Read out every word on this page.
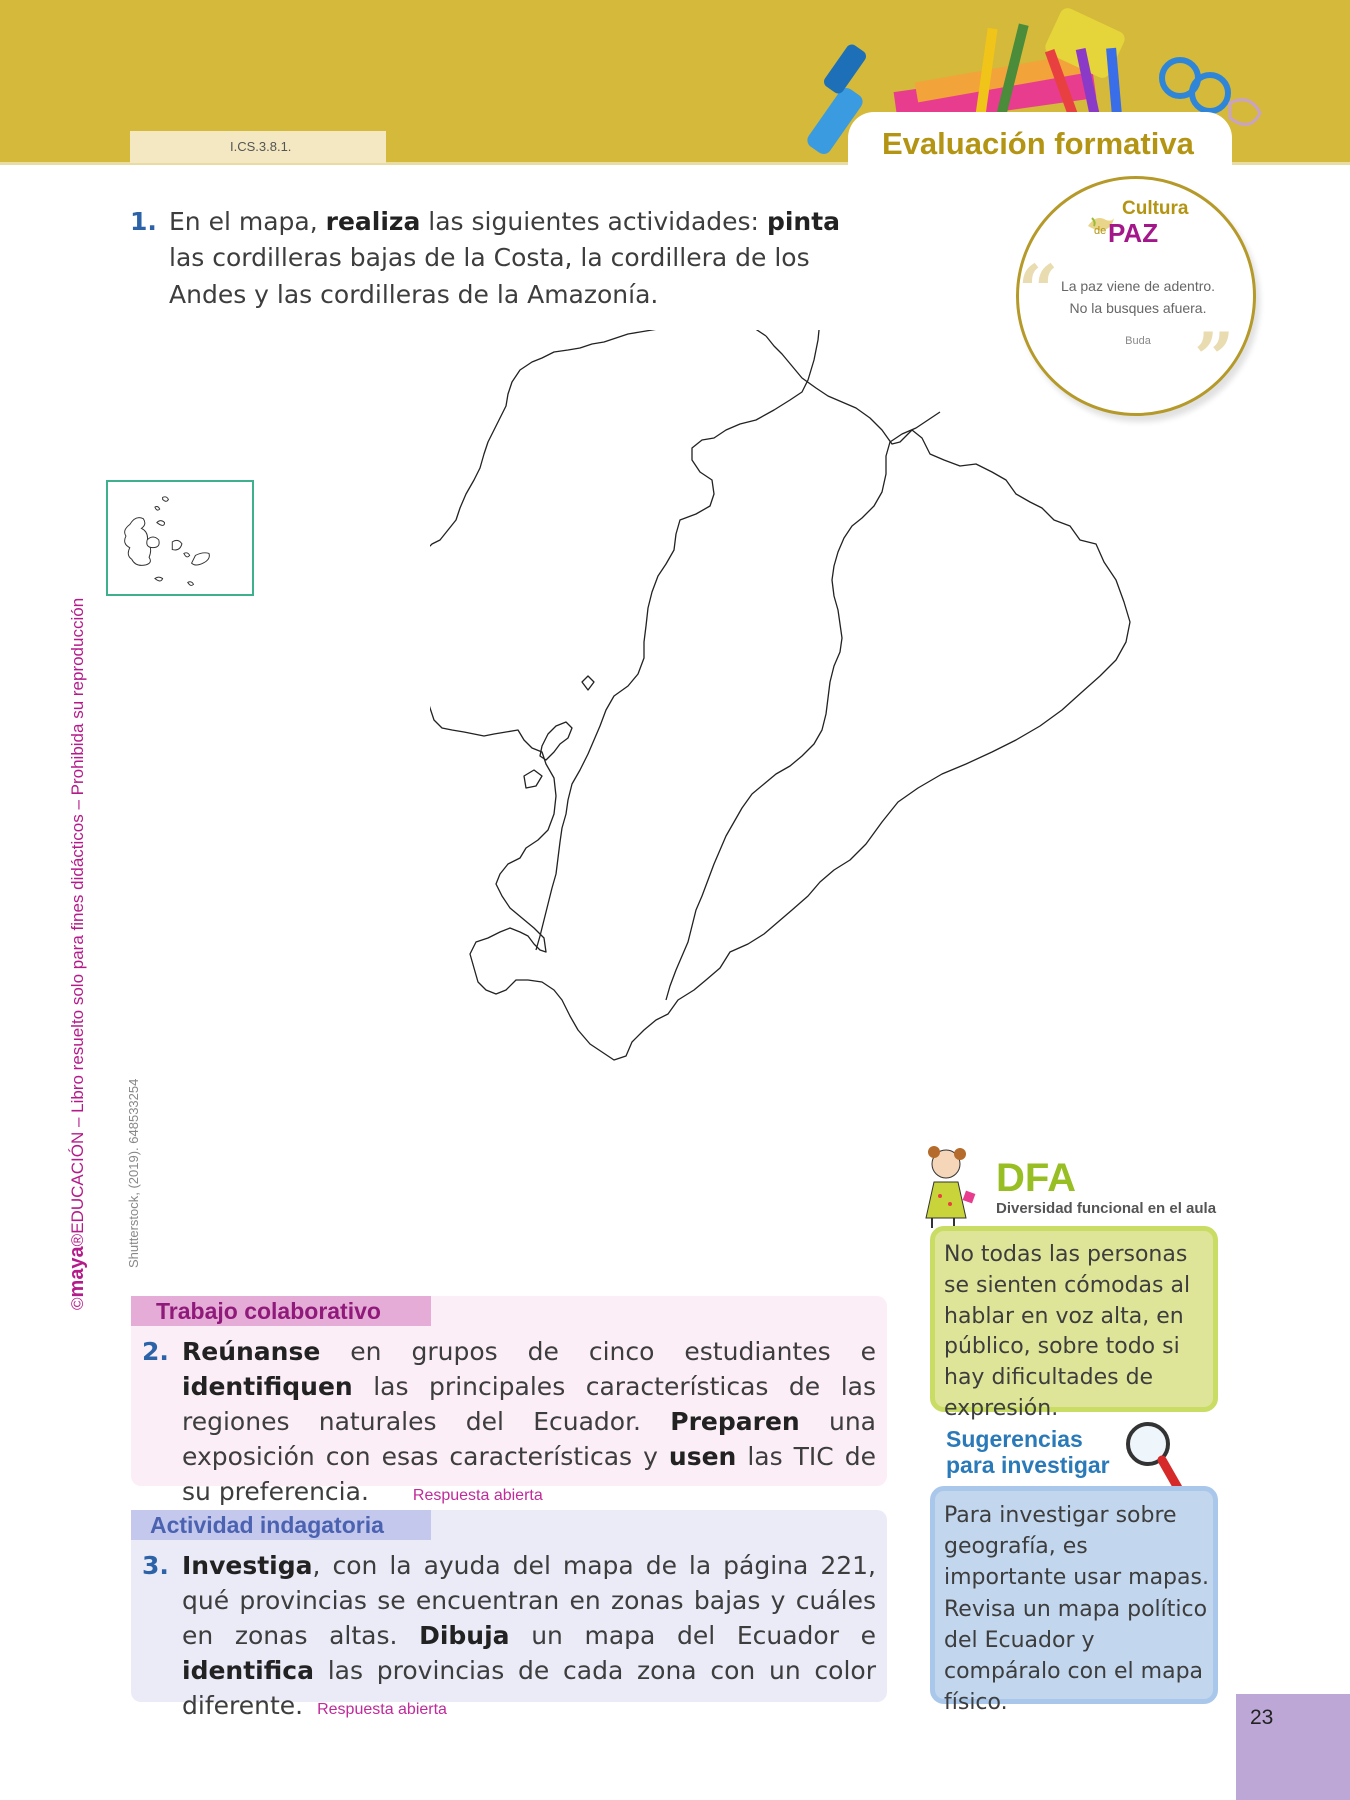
I.CS.3.8.1.	Evaluación formativa
1. En el mapa, realiza las siguientes actividades: pinta las cordilleras bajas de la Costa, la cordillera de los Andes y las cordilleras de la Amazonía.
Cultura
de PAZ
“ La paz viene de adentro.
No la busques afuera.
Buda ”
©maya®EDUCACIÓN – Libro resuelto solo para fines didácticos – Prohibida su reproducción	Shutterstock, (2019). 648533254	DFA
Diversidad funcional en el aula
No todas las personas se sienten cómodas al hablar en voz alta, en público, sobre todo si hay dificultades de expresión.
Sugerencias
para investigar
Para investigar sobre geografía, es importante usar mapas. Revisa un mapa político del Ecuador y compáralo con el mapa físico.
Trabajo colaborativo
2. Reúnanse en grupos de cinco estudiantes e identifiquen las principales características de las regiones naturales del Ecuador. Preparen una exposición con esas características y usen las TIC de su preferencia.	Respuesta abierta
Actividad indagatoria
3. Investiga, con la ayuda del mapa de la página 221, qué provincias se encuentran en zonas bajas y cuáles en zonas altas. Dibuja un mapa del Ecuador e identifica las provincias de cada zona con un color diferente. Respuesta abierta	23
